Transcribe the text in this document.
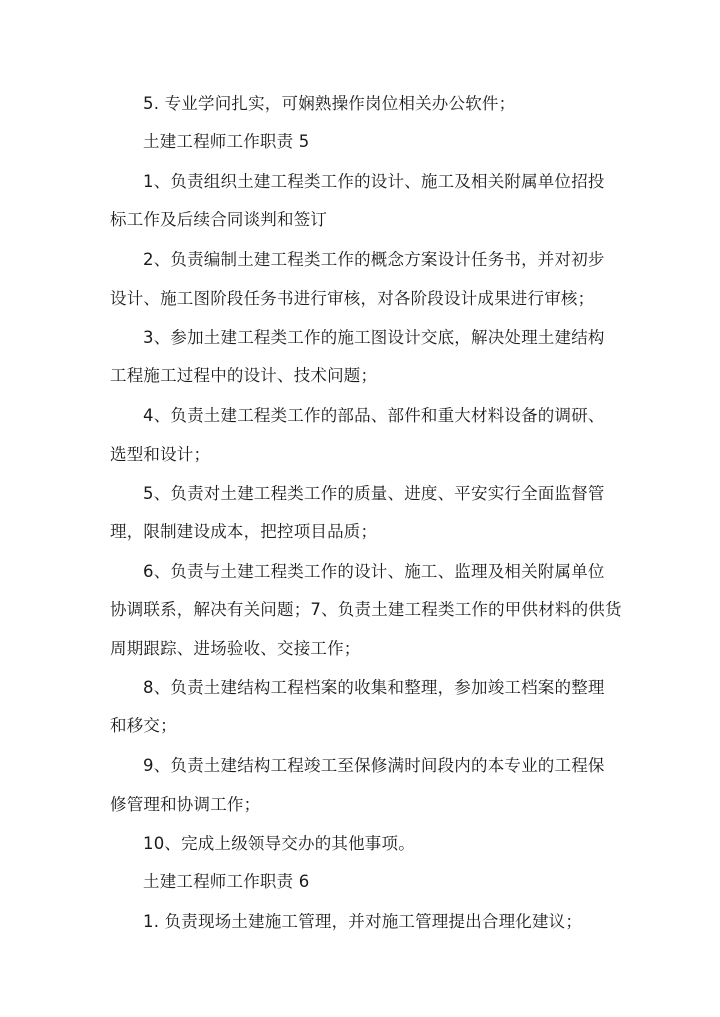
5. 专业学问扎实，可娴熟操作岗位相关办公软件；
土建工程师工作职责 5
1、负责组织土建工程类工作的设计、施工及相关附属单位招投
标工作及后续合同谈判和签订
2、负责编制土建工程类工作的概念方案设计任务书，并对初步
设计、施工图阶段任务书进行审核，对各阶段设计成果进行审核；
3、参加土建工程类工作的施工图设计交底，解决处理土建结构
工程施工过程中的设计、技术问题；
4、负责土建工程类工作的部品、部件和重大材料设备的调研、
选型和设计；
5、负责对土建工程类工作的质量、进度、平安实行全面监督管
理，限制建设成本，把控项目品质；
6、负责与土建工程类工作的设计、施工、监理及相关附属单位
协调联系，解决有关问题；7、负责土建工程类工作的甲供材料的供货
周期跟踪、进场验收、交接工作；
8、负责土建结构工程档案的收集和整理，参加竣工档案的整理
和移交；
9、负责土建结构工程竣工至保修满时间段内的本专业的工程保
修管理和协调工作；
10、完成上级领导交办的其他事项。
土建工程师工作职责 6
1. 负责现场土建施工管理，并对施工管理提出合理化建议；
